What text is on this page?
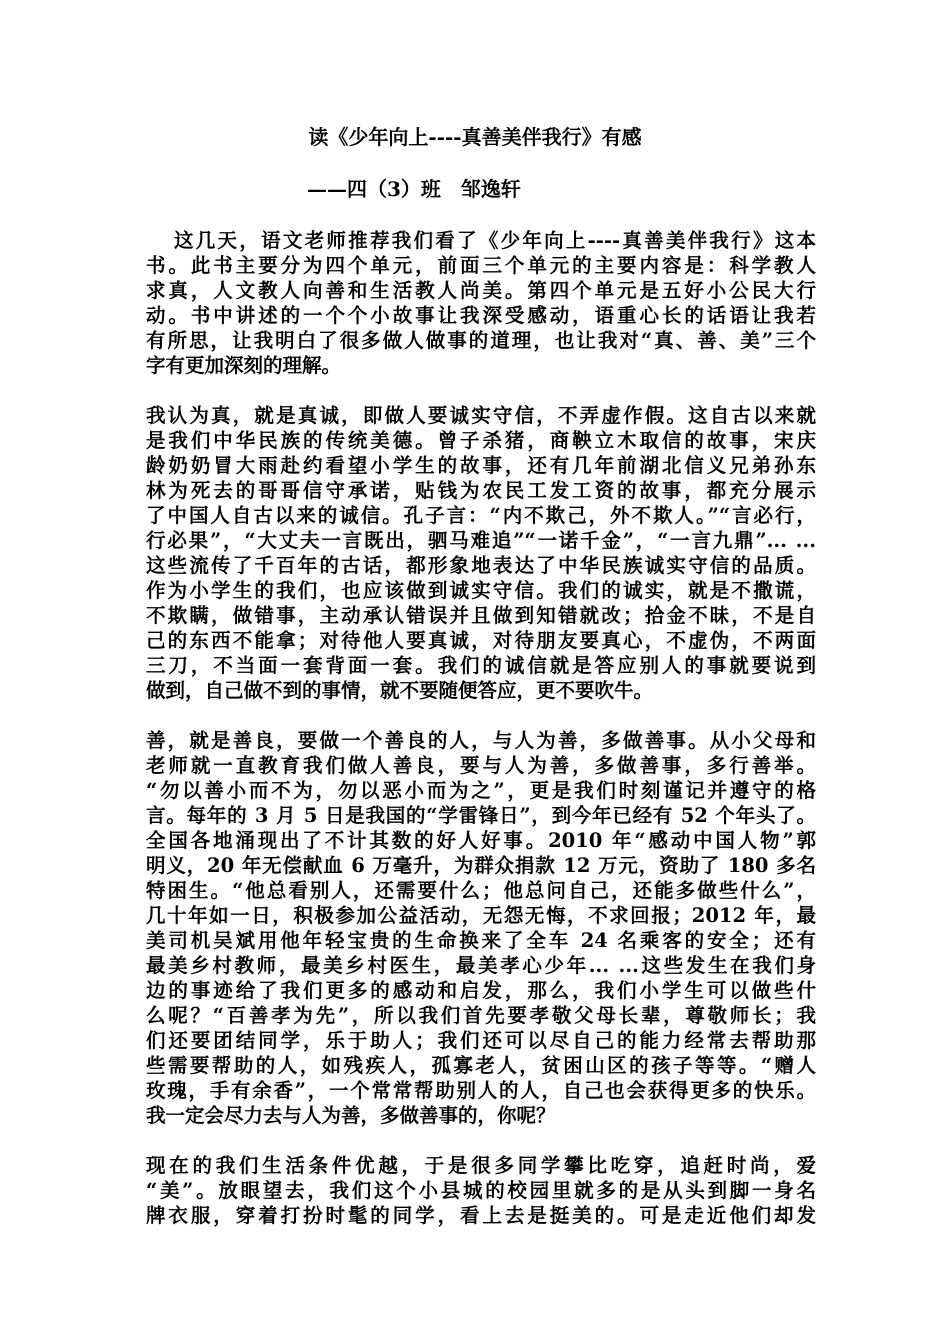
读《少年向上----真善美伴我行》有感
——四（3）班　邹逸轩
这几天，语文老师推荐我们看了《少年向上----真善美伴我行》这本
书。此书主要分为四个单元，前面三个单元的主要内容是：科学教人
求真，人文教人向善和生活教人尚美。第四个单元是五好小公民大行
动。书中讲述的一个个小故事让我深受感动，语重心长的话语让我若
有所思，让我明白了很多做人做事的道理，也让我对“真、善、美”三个
字有更加深刻的理解。
我认为真，就是真诚，即做人要诚实守信，不弄虚作假。这自古以来就
是我们中华民族的传统美德。曾子杀猪，商鞅立木取信的故事，宋庆
龄奶奶冒大雨赴约看望小学生的故事，还有几年前湖北信义兄弟孙东
林为死去的哥哥信守承诺，贴钱为农民工发工资的故事，都充分展示
了中国人自古以来的诚信。孔子言：“内不欺己，外不欺人。”“言必行，
行必果”，“大丈夫一言既出，驷马难追”“一诺千金”，“一言九鼎”... ...
这些流传了千百年的古话，都形象地表达了中华民族诚实守信的品质。
作为小学生的我们，也应该做到诚实守信。我们的诚实，就是不撒谎，
不欺瞒，做错事，主动承认错误并且做到知错就改；拾金不昧，不是自
己的东西不能拿；对待他人要真诚，对待朋友要真心，不虚伪，不两面
三刀，不当面一套背面一套。我们的诚信就是答应别人的事就要说到
做到，自己做不到的事情，就不要随便答应，更不要吹牛。
善，就是善良，要做一个善良的人，与人为善，多做善事。从小父母和
老师就一直教育我们做人善良，要与人为善，多做善事，多行善举。
“勿以善小而不为，勿以恶小而为之”，更是我们时刻谨记并遵守的格
言。每年的 3 月 5 日是我国的“学雷锋日”，到今年已经有 52 个年头了。
全国各地涌现出了不计其数的好人好事。2010 年“感动中国人物”郭
明义，20 年无偿献血 6 万毫升，为群众捐款 12 万元，资助了 180 多名
特困生。“他总看别人，还需要什么；他总问自己，还能多做些什么”，
几十年如一日，积极参加公益活动，无怨无悔，不求回报；2012 年，最
美司机吴斌用他年轻宝贵的生命换来了全车 24 名乘客的安全；还有
最美乡村教师，最美乡村医生，最美孝心少年... ...这些发生在我们身
边的事迹给了我们更多的感动和启发，那么，我们小学生可以做些什
么呢？“百善孝为先”，所以我们首先要孝敬父母长辈，尊敬师长；我
们还要团结同学，乐于助人；我们还可以尽自己的能力经常去帮助那
些需要帮助的人，如残疾人，孤寡老人，贫困山区的孩子等等。“赠人
玫瑰，手有余香”，一个常常帮助别人的人，自己也会获得更多的快乐。
我一定会尽力去与人为善，多做善事的，你呢？
现在的我们生活条件优越，于是很多同学攀比吃穿，追赶时尚，爱
“美”。放眼望去，我们这个小县城的校园里就多的是从头到脚一身名
牌衣服，穿着打扮时髦的同学，看上去是挺美的。可是走近他们却发
